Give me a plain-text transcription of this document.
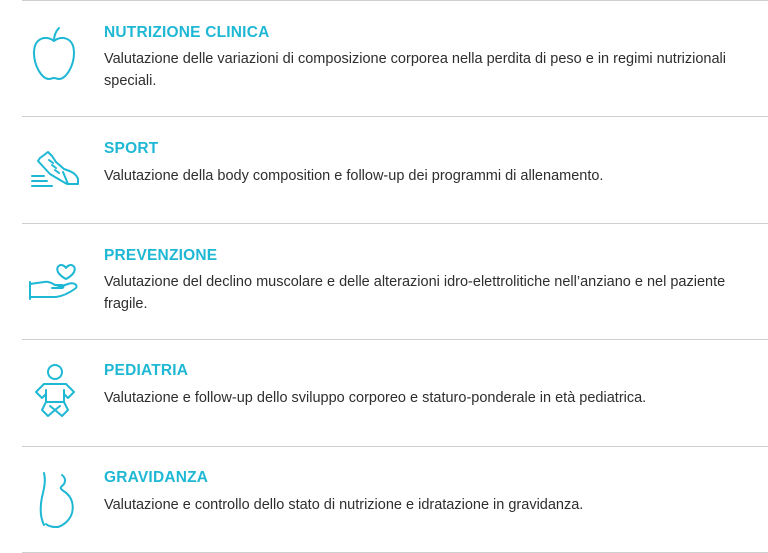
NUTRIZIONE CLINICA
Valutazione delle variazioni di composizione corporea nella perdita di peso e in regimi nutrizionali speciali.
SPORT
Valutazione della body composition e follow-up dei programmi di allenamento.
PREVENZIONE
Valutazione del declino muscolare e delle alterazioni idro-elettrolitiche nell’anziano e nel paziente fragile.
PEDIATRIA
Valutazione e follow-up dello sviluppo corporeo e staturo-ponderale in età pediatrica.
GRAVIDANZA
Valutazione e controllo dello stato di nutrizione e idratazione in gravidanza.
